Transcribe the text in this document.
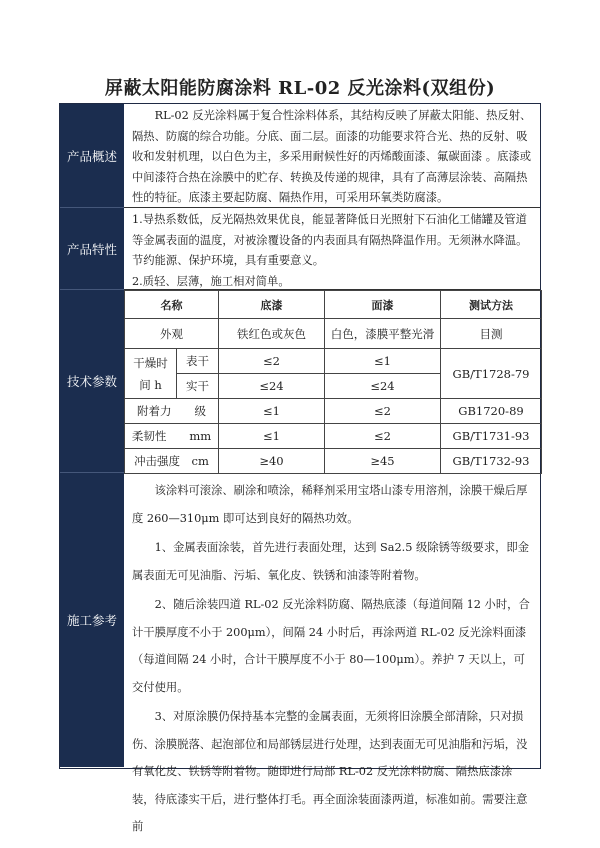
屏蔽太阳能防腐涂料 RL-02 反光涂料(双组份)
产品概述

RL-02 反光涂料属于复合性涂料体系，其结构反映了屏蔽太阳能、热反射、隔热、防腐的综合功能。分底、面二层。面漆的功能要求符合光、热的反射、吸收和发射机理，以白色为主，多采用耐候性好的丙烯酸面漆、氟碳面漆 。底漆或中间漆符合热在涂膜中的贮存、转换及传递的规律，具有了高薄层涂装、高隔热性的特征。底漆主要起防腐、隔热作用，可采用环氧类防腐漆。

产品特性

1.导热系数低，反光隔热效果优良，能显著降低日光照射下石油化工储罐及管道等金属表面的温度，对被涂覆设备的内表面具有隔热降温作用。无须淋水降温。节约能源、保护环境，具有重要意义。

2.质轻、层薄，施工相对简单。

技术参数
名称		底漆	面漆	测试方法
外观		铁红色或灰色	白色，漆膜平整光滑	目测

干燥时
间 h	表干	≤2	≤1	GB/T1728-79
	实干	≤24	≤24	
附着力　　级		≤1	≤2	GB1720-89
柔韧性　　mm		≤1	≤2	GB/T1731-93
冲击强度　cm		≥40	≥45	GB/T1732-93
施工参考

该涂料可滚涂、刷涂和喷涂，稀释剂采用宝塔山漆专用溶剂，涂膜干燥后厚度 260—310μm 即可达到良好的隔热功效。

1、金属表面涂装，首先进行表面处理，达到 Sa2.5 级除锈等级要求，即金属表面无可见油脂、污垢、氧化皮、铁锈和油漆等附着物。

2、随后涂装四道 RL-02 反光涂料防腐、隔热底漆（每道间隔 12 小时，合计干膜厚度不小于 200μm），间隔 24 小时后，再涂两道 RL-02 反光涂料面漆（每道间隔 24 小时，合计干膜厚度不小于 80—100μm）。养护 7 天以上，可交付使用。

3、对原涂膜仍保持基本完整的金属表面，无须将旧涂膜全部清除，只对损伤、涂膜脱落、起泡部位和局部锈层进行处理，达到表面无可见油脂和污垢，没有氧化皮、铁锈等附着物。随即进行局部 RL-02 反光涂料防腐、隔热底漆涂装，待底漆实干后，进行整体打毛。再全面涂装面漆两道，标准如前。需要注意前
